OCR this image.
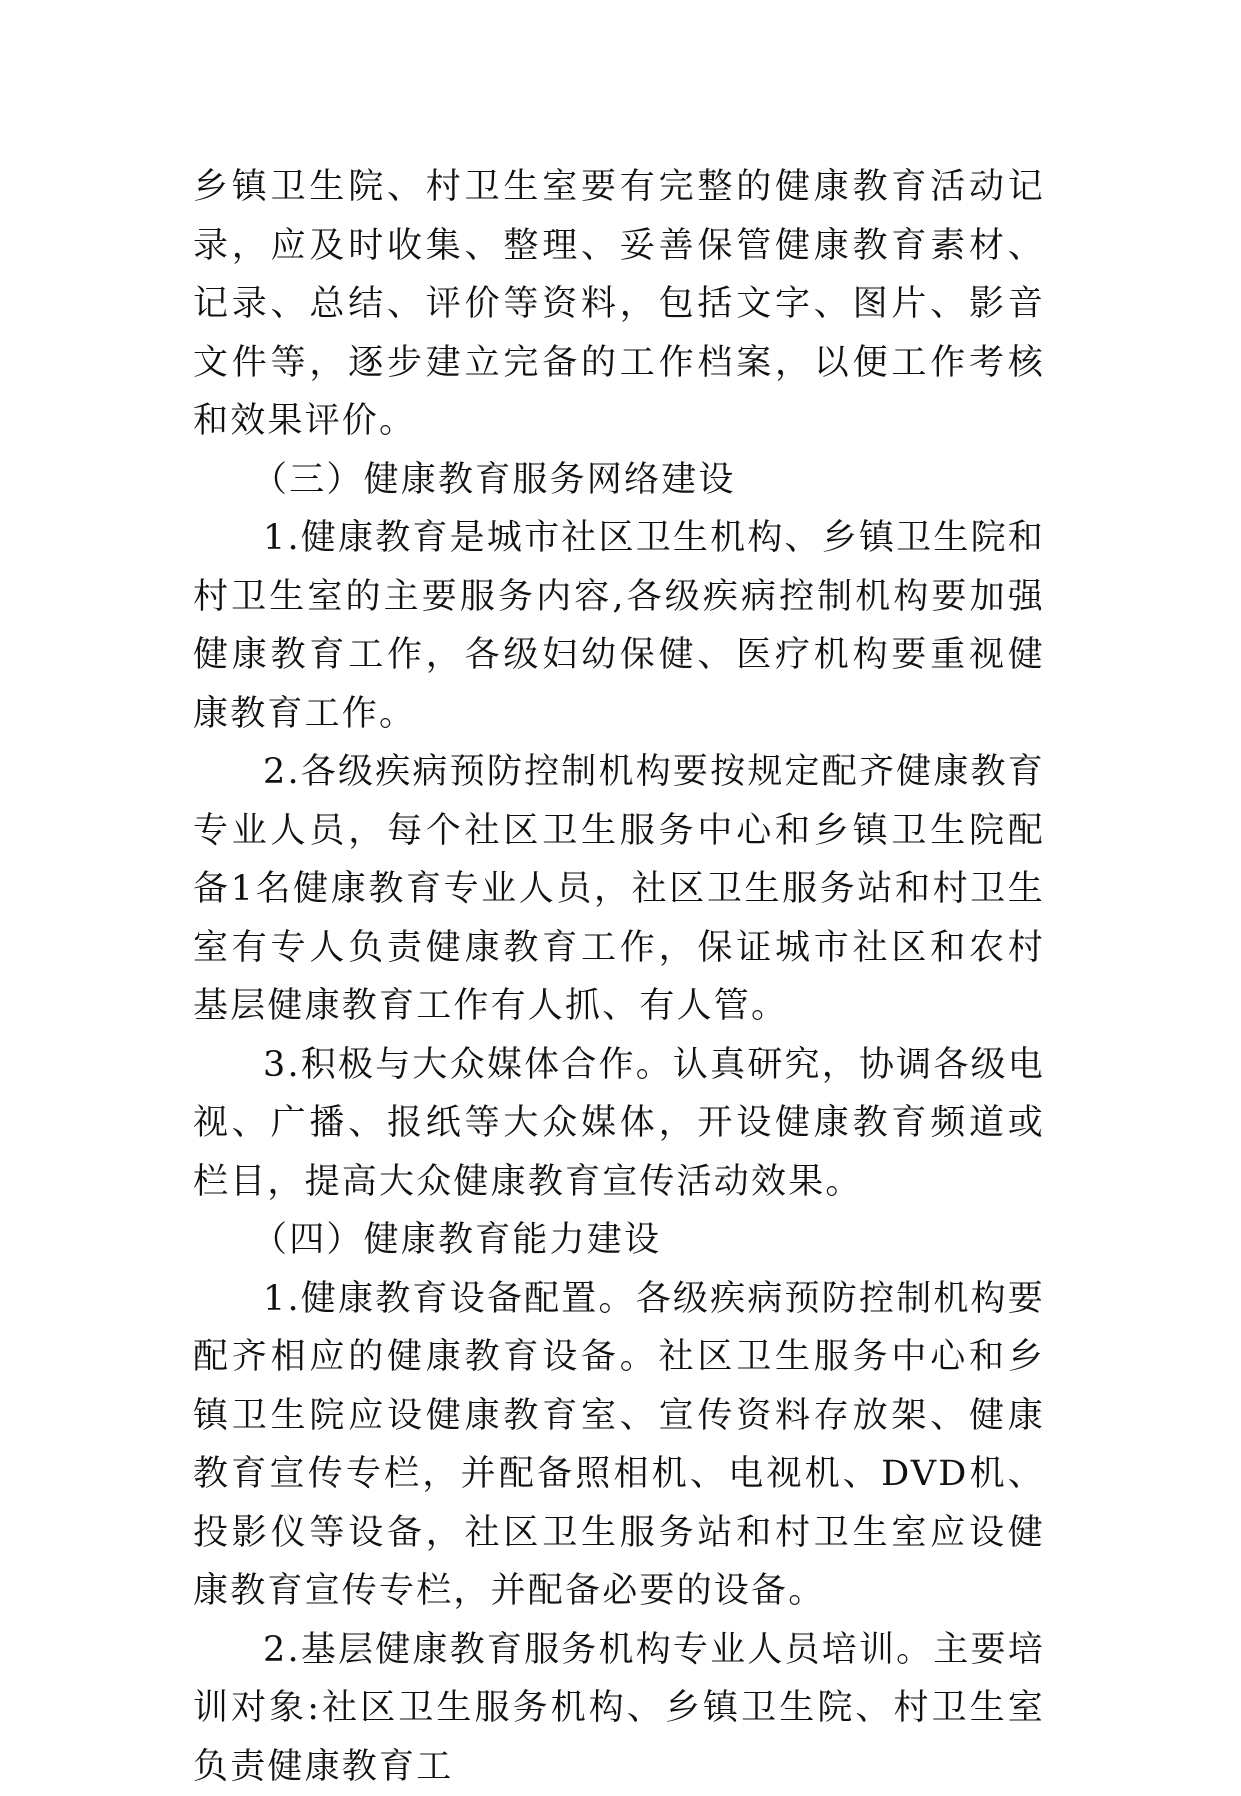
乡镇卫生院、村卫生室要有完整的健康教育活动记录，应及时收集、整理、妥善保管健康教育素材、记录、总结、评价等资料，包括文字、图片、影音文件等，逐步建立完备的工作档案，以便工作考核和效果评价。

（三）健康教育服务网络建设

1.健康教育是城市社区卫生机构、乡镇卫生院和村卫生室的主要服务内容,各级疾病控制机构要加强健康教育工作，各级妇幼保健、医疗机构要重视健康教育工作。

2.各级疾病预防控制机构要按规定配齐健康教育专业人员，每个社区卫生服务中心和乡镇卫生院配备1名健康教育专业人员，社区卫生服务站和村卫生室有专人负责健康教育工作，保证城市社区和农村基层健康教育工作有人抓、有人管。

3.积极与大众媒体合作。认真研究，协调各级电视、广播、报纸等大众媒体，开设健康教育频道或栏目，提高大众健康教育宣传活动效果。

（四）健康教育能力建设

1.健康教育设备配置。各级疾病预防控制机构要配齐相应的健康教育设备。社区卫生服务中心和乡镇卫生院应设健康教育室、宣传资料存放架、健康教育宣传专栏，并配备照相机、电视机、DVD机、投影仪等设备，社区卫生服务站和村卫生室应设健康教育宣传专栏，并配备必要的设备。

2.基层健康教育服务机构专业人员培训。主要培训对象:社区卫生服务机构、乡镇卫生院、村卫生室负责健康教育工
